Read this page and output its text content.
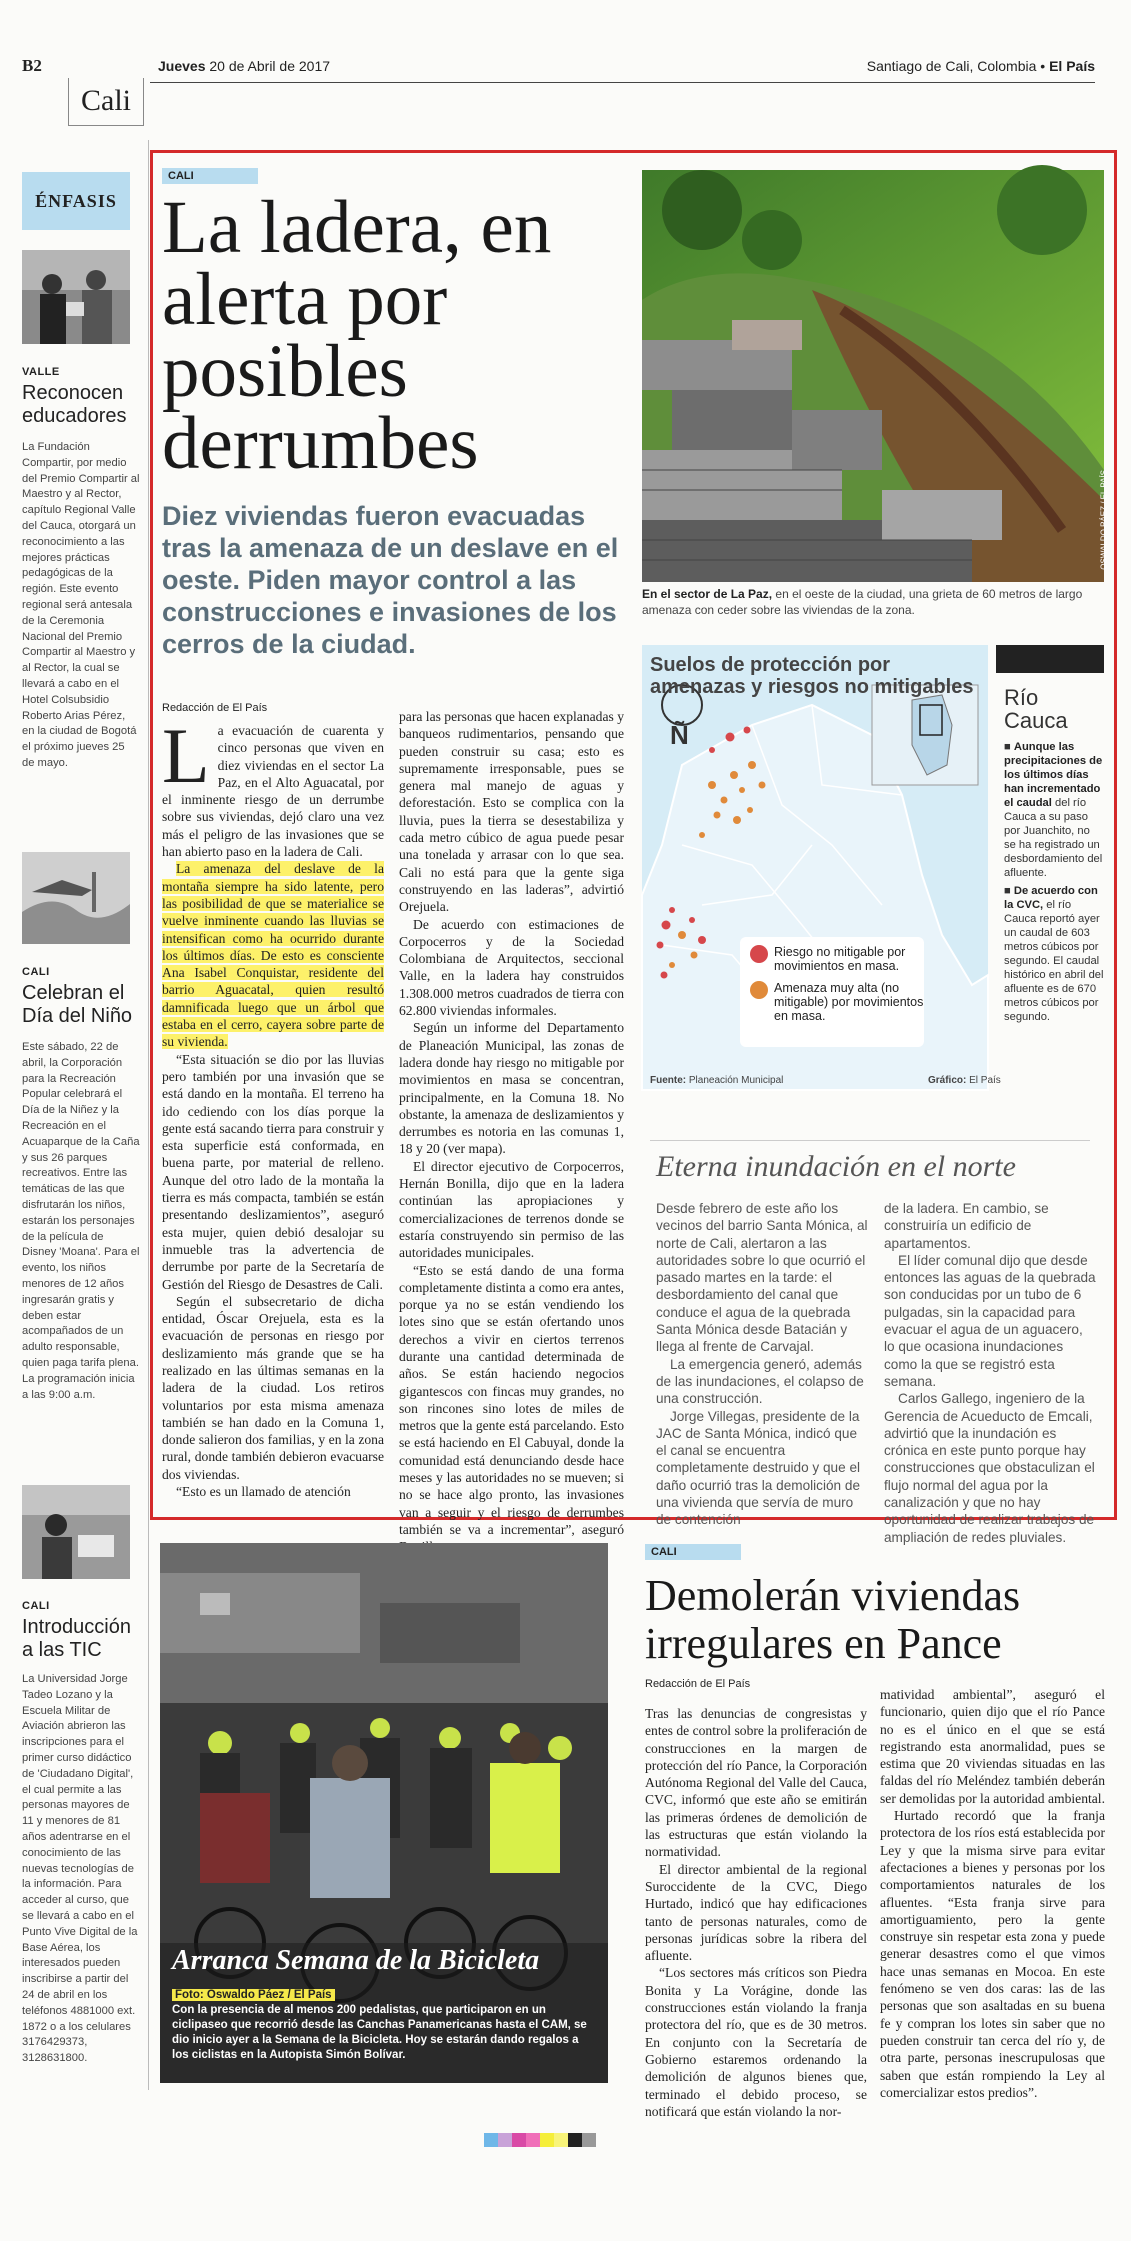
B2	Jueves 20 de Abril de 2017	Santiago de Cali, Colombia • El País
Cali
ÉNFASIS
VALLE
Reconocen educadores
La Fundación Compartir, por medio del Premio Compartir al Maestro y al Rector, capítulo Regional Valle del Cauca, otorgará un reconocimiento a las mejores prácticas pedagógicas de la región. Este evento regional será antesala de la Ceremonia Nacional del Premio Compartir al Maestro y al Rector, la cual se llevará a cabo en el Hotel Colsubsidio Roberto Arias Pérez, en la ciudad de Bogotá el próximo jueves 25 de mayo.
CALI
Celebran el Día del Niño
Este sábado, 22 de abril, la Corporación para la Recreación Popular celebrará el Día de la Niñez y la Recreación en el Acuaparque de la Caña y sus 26 parques recreativos. Entre las temáticas de las que disfrutarán los niños, estarán los personajes de la película de Disney 'Moana'. Para el evento, los niños menores de 12 años ingresarán gratis y deben estar acompañados de un adulto responsable, quien paga tarifa plena. La programación inicia a las 9:00 a.m.
CALI
Introducción a las TIC
La Universidad Jorge Tadeo Lozano y la Escuela Militar de Aviación abrieron las inscripciones para el primer curso didáctico de 'Ciudadano Digital', el cual permite a las personas mayores de 11 y menores de 81 años adentrarse en el conocimiento de las nuevas tecnologías de la información. Para acceder al curso, que se llevará a cabo en el Punto Vive Digital de la Base Aérea, los interesados pueden inscribirse a partir del 24 de abril en los teléfonos 4881000 ext. 1872 o a los celulares 3176429373, 3128631800.
CALI
La ladera, en alerta por posibles derrumbes
Diez viviendas fueron evacuadas tras la amenaza de un deslave en el oeste. Piden mayor control a las construcciones e invasiones de los cerros de la ciudad.
Redacción de El País

La evacuación de cuarenta y cinco personas que viven en diez viviendas en el sector La Paz, en el Alto Aguacatal, por el inminente riesgo de un derrumbe sobre sus viviendas, dejó claro una vez más el peligro de las invasiones que se han abierto paso en la ladera de Cali.

La amenaza del deslave de la montaña siempre ha sido latente, pero las posibilidad de que se materialice se vuelve inminente cuando las lluvias se intensifican como ha ocurrido durante los últimos días. De esto es consciente Ana Isabel Conquistar, residente del barrio Aguacatal, quien resultó damnificada luego que un árbol que estaba en el cerro, cayera sobre parte de su vivienda.

“Esta situación se dio por las lluvias pero también por una invasión que se está dando en la montaña. El terreno ha ido cediendo con los días porque la gente está sacando tierra para construir y esta superficie está conformada, en buena parte, por material de relleno. Aunque del otro lado de la montaña la tierra es más compacta, también se están presentando deslizamientos”, aseguró esta mujer, quien debió desalojar su inmueble tras la advertencia de derrumbe por parte de la Secretaría de Gestión del Riesgo de Desastres de Cali.

Según el subsecretario de dicha entidad, Óscar Orejuela, esta es la evacuación de personas en riesgo por deslizamiento más grande que se ha realizado en las últimas semanas en la ladera de la ciudad. Los retiros voluntarios por esta misma amenaza también se han dado en la Comuna 1, donde salieron dos familias, y en la zona rural, donde también debieron evacuarse dos viviendas.

“Esto es un llamado de atención

para las personas que hacen explanadas y banqueos rudimentarios, pensando que pueden construir su casa; esto es supremamente irresponsable, pues se genera mal manejo de aguas y deforestación. Esto se complica con la lluvia, pues la tierra se desestabiliza y cada metro cúbico de agua puede pesar una tonelada y arrasar con lo que sea. Cali no está para que la gente siga construyendo en las laderas”, advirtió Orejuela.

De acuerdo con estimaciones de Corpocerros y de la Sociedad Colombiana de Arquitectos, seccional Valle, en la ladera hay construidos 1.308.000 metros cuadrados de tierra con 62.800 viviendas informales.

Según un informe del Departamento de Planeación Municipal, las zonas de ladera donde hay riesgo no mitigable por movimientos en masa se concentran, principalmente, en la Comuna 18. No obstante, la amenaza de deslizamientos y derrumbes es notoria en las comunas 1, 18 y 20 (ver mapa).

El director ejecutivo de Corpocerros, Hernán Bonilla, dijo que en la ladera continúan las apropiaciones y comercializaciones de terrenos donde se estaría construyendo sin permiso de las autoridades municipales.

“Esto se está dando de una forma completamente distinta a como era antes, porque ya no se están vendiendo los lotes sino que se están ofertando unos derechos a vivir en ciertos terrenos durante una cantidad determinada de años. Se están haciendo negocios gigantescos con fincas muy grandes, no son rincones sino lotes de miles de metros que la gente está parcelando. Esto se está haciendo en El Cabuyal, donde la comunidad está denunciando desde hace meses y las autoridades no se mueven; si no se hace algo pronto, las invasiones van a seguir y el riesgo de derrumbes también se va a incrementar”, aseguró

OSWALDO PÁEZ / EL PAÍS
En el sector de La Paz, en el oeste de la ciudad, una grieta de 60 metros de largo amenaza con ceder sobre las viviendas de la zona.
Suelos de protección por amenazas y riesgos no mitigables
Ñ
Riesgo no mitigable por movimientos en masa.
Amenaza muy alta (no mitigable) por movimientos en masa.
Fuente: Planeación Municipal	Gráfico: El País
Río Cauca

■ Aunque las precipitaciones de los últimos días han incrementado el caudal del río Cauca a su paso por Juanchito, no se ha registrado un desbordamiento del afluente.

■ De acuerdo con la CVC, el río Cauca reportó ayer un caudal de 603 metros cúbicos por segundo. El caudal histórico en abril del afluente es de 670 metros cúbicos por segundo.

Eterna inundación en el norte

Desde febrero de este año los vecinos del barrio Santa Mónica, al norte de Cali, alertaron a las autoridades sobre lo que ocurrió el pasado martes en la tarde: el desbordamiento del canal que conduce el agua de la quebrada Santa Mónica desde Batacián y llega al frente de Carvajal.

La emergencia generó, además de las inundaciones, el colapso de una construcción.

Jorge Villegas, presidente de la JAC de Santa Mónica, indicó que el canal se encuentra completamente destruido y que el daño ocurrió tras la demolición de una vivienda que servía de muro de contención

de la ladera. En cambio, se construiría un edificio de apartamentos.

El líder comunal dijo que desde entonces las aguas de la quebrada son conducidas por un tubo de 6 pulgadas, sin la capacidad para evacuar el agua de un aguacero, lo que ocasiona inundaciones como la que se registró esta semana.

Carlos Gallego, ingeniero de la Gerencia de Acueducto de Emcali, advirtió que la inundación es crónica en este punto porque hay construcciones que obstaculizan el flujo normal del agua por la canalización y que no hay oportunidad de realizar trabajos de ampliación de redes pluviales.

Arranca Semana de la Bicicleta
Foto: Oswaldo Páez / El País
Con la presencia de al menos 200 pedalistas, que participaron en un ciclipaseo que recorrió desde las Canchas Panamericanas hasta el CAM, se dio inicio ayer a la Semana de la Bicicleta. Hoy se estarán dando regalos a los ciclistas en la Autopista Simón Bolívar.
CALI
Demolerán viviendas irregulares en Pance
Redacción de El País

Tras las denuncias de congresistas y entes de control sobre la proliferación de construcciones en la margen de protección del río Pance, la Corporación Autónoma Regional del Valle del Cauca, CVC, informó que este año se emitirán las primeras órdenes de demolición de las estructuras que están violando la normatividad.

El director ambiental de la regional Suroccidente de la CVC, Diego Hurtado, indicó que hay edificaciones tanto de personas naturales, como de personas jurídicas sobre la ribera del afluente.

“Los sectores más críticos son Piedra Bonita y La Vorágine, donde las construcciones están violando la franja protectora del río, que es de 30 metros. En conjunto con la Secretaría de Gobierno estaremos ordenando la demolición de algunos bienes que, terminado el debido proceso, se notificará que están violando la nor-

matividad ambiental”, aseguró el funcionario, quien dijo que el río Pance no es el único en el que se está registrando esta anormalidad, pues se estima que 20 viviendas situadas en las faldas del río Meléndez también deberán ser demolidas por la autoridad ambiental.

Hurtado recordó que la franja protectora de los ríos está establecida por Ley y que la misma sirve para evitar afectaciones a bienes y personas por los comportamientos naturales de los afluentes. “Esta franja sirve para amortiguamiento, pero la gente construye sin respetar esta zona y puede generar desastres como el que vimos hace unas semanas en Mocoa. En este fenómeno se ven dos caras: las de las personas que son asaltadas en su buena fe y compran los lotes sin saber que no pueden construir tan cerca del río y, de otra parte, personas inescrupulosas que saben que están rompiendo la Ley al comercializar estos predios”.
